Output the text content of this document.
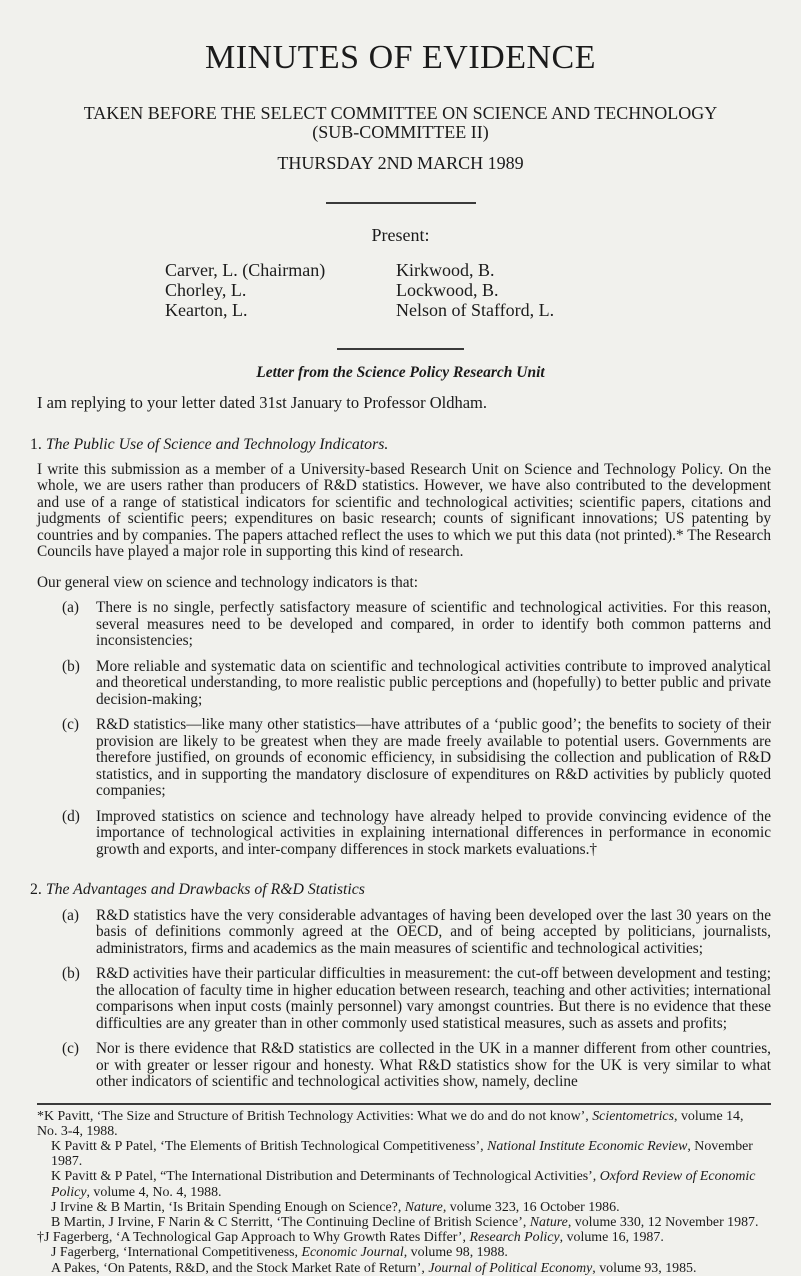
MINUTES OF EVIDENCE
TAKEN BEFORE THE SELECT COMMITTEE ON SCIENCE AND TECHNOLOGY
(SUB-COMMITTEE II)
THURSDAY 2ND MARCH 1989
Present:
Carver, L. (Chairman)	Kirkwood, B.
Chorley, L.	Lockwood, B.
Kearton, L.	Nelson of Stafford, L.
Letter from the Science Policy Research Unit
I am replying to your letter dated 31st January to Professor Oldham.
1. The Public Use of Science and Technology Indicators.
I write this submission as a member of a University-based Research Unit on Science and Technology Policy. On the whole, we are users rather than producers of R&D statistics. However, we have also contributed to the development and use of a range of statistical indicators for scientific and technological activities; scientific papers, citations and judgments of scientific peers; expenditures on basic research; counts of significant innovations; US patenting by countries and by companies. The papers attached reflect the uses to which we put this data (not printed).* The Research Councils have played a major role in supporting this kind of research.
Our general view on science and technology indicators is that:
(a) There is no single, perfectly satisfactory measure of scientific and technological activities. For this reason, several measures need to be developed and compared, in order to identify both common patterns and inconsistencies;
(b) More reliable and systematic data on scientific and technological activities contribute to improved analytical and theoretical understanding, to more realistic public perceptions and (hopefully) to better public and private decision-making;
(c) R&D statistics—like many other statistics—have attributes of a ‘public good’; the benefits to society of their provision are likely to be greatest when they are made freely available to potential users. Governments are therefore justified, on grounds of economic efficiency, in subsidising the collection and publication of R&D statistics, and in supporting the mandatory disclosure of expenditures on R&D activities by publicly quoted companies;
(d) Improved statistics on science and technology have already helped to provide convincing evidence of the importance of technological activities in explaining international differences in performance in economic growth and exports, and inter-company differences in stock markets evaluations.†
2. The Advantages and Drawbacks of R&D Statistics
(a) R&D statistics have the very considerable advantages of having been developed over the last 30 years on the basis of definitions commonly agreed at the OECD, and of being accepted by politicians, journalists, administrators, firms and academics as the main measures of scientific and technological activities;
(b) R&D activities have their particular difficulties in measurement: the cut-off between development and testing; the allocation of faculty time in higher education between research, teaching and other activities; international comparisons when input costs (mainly personnel) vary amongst countries. But there is no evidence that these difficulties are any greater than in other commonly used statistical measures, such as assets and profits;
(c) Nor is there evidence that R&D statistics are collected in the UK in a manner different from other countries, or with greater or lesser rigour and honesty. What R&D statistics show for the UK is very similar to what other indicators of scientific and technological activities show, namely, decline
*K Pavitt, ‘The Size and Structure of British Technology Activities: What we do and do not know’, Scientometrics, volume 14, No. 3-4, 1988.
K Pavitt & P Patel, ‘The Elements of British Technological Competitiveness’, National Institute Economic Review, November 1987.
K Pavitt & P Patel, “The International Distribution and Determinants of Technological Activities’, Oxford Review of Economic Policy, volume 4, No. 4, 1988.
J Irvine & B Martin, ‘Is Britain Spending Enough on Science?, Nature, volume 323, 16 October 1986.
B Martin, J Irvine, F Narin & C Sterritt, ‘The Continuing Decline of British Science’, Nature, volume 330, 12 November 1987.
†J Fagerberg, ‘A Technological Gap Approach to Why Growth Rates Differ’, Research Policy, volume 16, 1987.
J Fagerberg, ‘International Competitiveness, Economic Journal, volume 98, 1988.
A Pakes, ‘On Patents, R&D, and the Stock Market Rate of Return’, Journal of Political Economy, volume 93, 1985.
